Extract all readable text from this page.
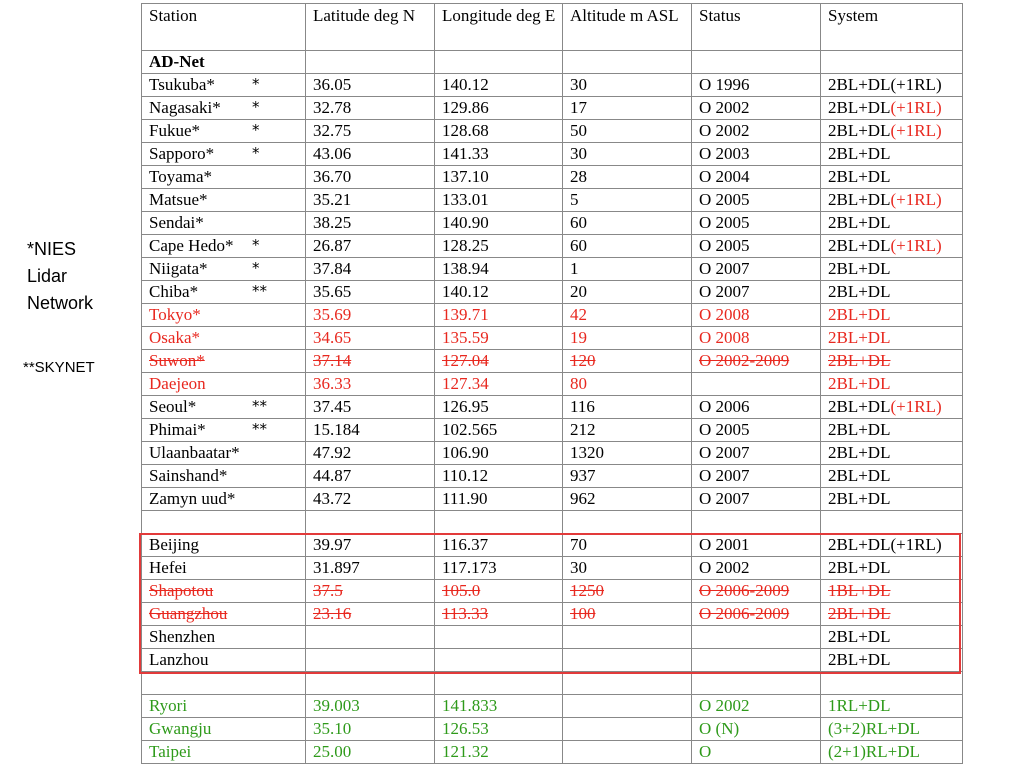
*NIES
Lidar
Network
**SKYNET
Station	Latitude deg N	Longitude deg E	Altitude m ASL	Status	System
AD-Net					
Tsukuba* *	36.05	140.12	30	O 1996	2BL+DL(+1RL)
Nagasaki* *	32.78	129.86	17	O 2002	2BL+DL(+1RL)
Fukue* *	32.75	128.68	50	O 2002	2BL+DL(+1RL)
Sapporo* *	43.06	141.33	30	O 2003	2BL+DL
Toyama*	36.70	137.10	28	O 2004	2BL+DL
Matsue*	35.21	133.01	5	O 2005	2BL+DL(+1RL)
Sendai*	38.25	140.90	60	O 2005	2BL+DL
Cape Hedo* *	26.87	128.25	60	O 2005	2BL+DL(+1RL)
Niigata* *	37.84	138.94	1	O 2007	2BL+DL
Chiba* **	35.65	140.12	20	O 2007	2BL+DL
Tokyo*	35.69	139.71	42	O 2008	2BL+DL
Osaka*	34.65	135.59	19	O 2008	2BL+DL
Suwon*	37.14	127.04	120	O 2002-2009	2BL+DL
Daejeon	36.33	127.34	80		2BL+DL
Seoul* **	37.45	126.95	116	O 2006	2BL+DL(+1RL)
Phimai* **	15.184	102.565	212	O 2005	2BL+DL
Ulaanbaatar*	47.92	106.90	1320	O 2007	2BL+DL
Sainshand*	44.87	110.12	937	O 2007	2BL+DL
Zamyn uud*	43.72	111.90	962	O 2007	2BL+DL

Beijing	39.97	116.37	70	O 2001	2BL+DL(+1RL)
Hefei	31.897	117.173	30	O 2002	2BL+DL
Shapotou	37.5	105.0	1250	O 2006-2009	1BL+DL
Guangzhou	23.16	113.33	100	O 2006-2009	2BL+DL
Shenzhen					2BL+DL
Lanzhou					2BL+DL

Ryori	39.003	141.833		O 2002	1RL+DL
Gwangju	35.10	126.53		O (N)	(3+2)RL+DL
Taipei	25.00	121.32		O	(2+1)RL+DL
